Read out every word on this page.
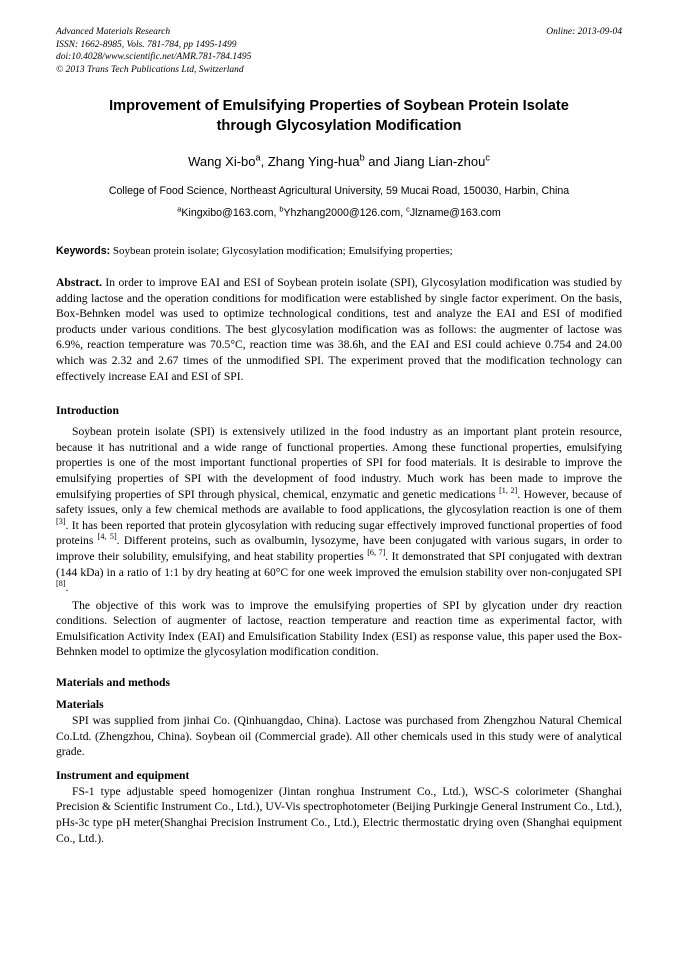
Advanced Materials Research
ISSN: 1662-8985, Vols. 781-784, pp 1495-1499
doi:10.4028/www.scientific.net/AMR.781-784.1495
© 2013 Trans Tech Publications Ltd, Switzerland
Online: 2013-09-04
Improvement of Emulsifying Properties of Soybean Protein Isolate through Glycosylation Modification
Wang $Xi-bo^a$, Zhang Ying-hua$^b$ and Jiang Lian-zhou$^c$
College of Food Science, Northeast Agricultural University, 59 Mucai Road, 150030, Harbin, China
$^a$Kingxibo@163.com, $^b$Yhzhang2000@126.com, $^c$Jlzname@163.com
Keywords: Soybean protein isolate; Glycosylation modification; Emulsifying properties;
Abstract. In order to improve EAI and ESI of Soybean protein isolate (SPI), Glycosylation modification was studied by adding lactose and the operation conditions for modification were established by single factor experiment. On the basis, Box-Behnken model was used to optimize technological conditions, test and analyze the EAI and ESI of modified products under various conditions. The best glycosylation modification was as follows: the augmenter of lactose was 6.9%, reaction temperature was 70.5°C, reaction time was 38.6h, and the EAI and ESI could achieve 0.754 and 24.00 which was 2.32 and 2.67 times of the unmodified SPI. The experiment proved that the modification technology can effectively increase EAI and ESI of SPI.
Introduction

Soybean protein isolate (SPI) is extensively utilized in the food industry as an important plant protein resource, because it has nutritional and a wide range of functional properties. Among these functional properties, emulsifying properties is one of the most important functional properties of SPI for food materials. It is desirable to improve the emulsifying properties of SPI with the development of food industry. Much work has been made to improve the emulsifying properties of SPI through physical, chemical, enzymatic and genetic medications [1, 2]. However, because of safety issues, only a few chemical methods are available to food applications, the glycosylation reaction is one of them [3]. It has been reported that protein glycosylation with reducing sugar effectively improved functional properties of food proteins [4, 5]. Different proteins, such as ovalbumin, lysozyme, have been conjugated with various sugars, in order to improve their solubility, emulsifying, and heat stability properties [6, 7]. It demonstrated that SPI conjugated with dextran (144 kDa) in a ratio of 1:1 by dry heating at 60°C for one week improved the emulsion stability over non-conjugated SPI [8].

The objective of this work was to improve the emulsifying properties of SPI by glycation under dry reaction conditions. Selection of augmenter of lactose, reaction temperature and reaction time as experimental factor, with Emulsification Activity Index (EAI) and Emulsification Stability Index (ESI) as response value, this paper used the Box-Behnken model to optimize the glycosylation modification condition.

Materials and methods
Materials

SPI was supplied from jinhai Co. (Qinhuangdao, China). Lactose was purchased from Zhengzhou Natural Chemical Co.Ltd. (Zhengzhou, China). Soybean oil (Commercial grade). All other chemicals used in this study were of analytical grade.

Instrument and equipment

FS-1 type adjustable speed homogenizer (Jintan ronghua Instrument Co., Ltd.), WSC-S colorimeter (Shanghai Precision & Scientific Instrument Co., Ltd.), UV-Vis spectrophotometer (Beijing Purkingje General Instrument Co., Ltd.), pHs-3c type pH meter(Shanghai Precision Instrument Co., Ltd.), Electric thermostatic drying oven (Shanghai equipment Co., Ltd.).
